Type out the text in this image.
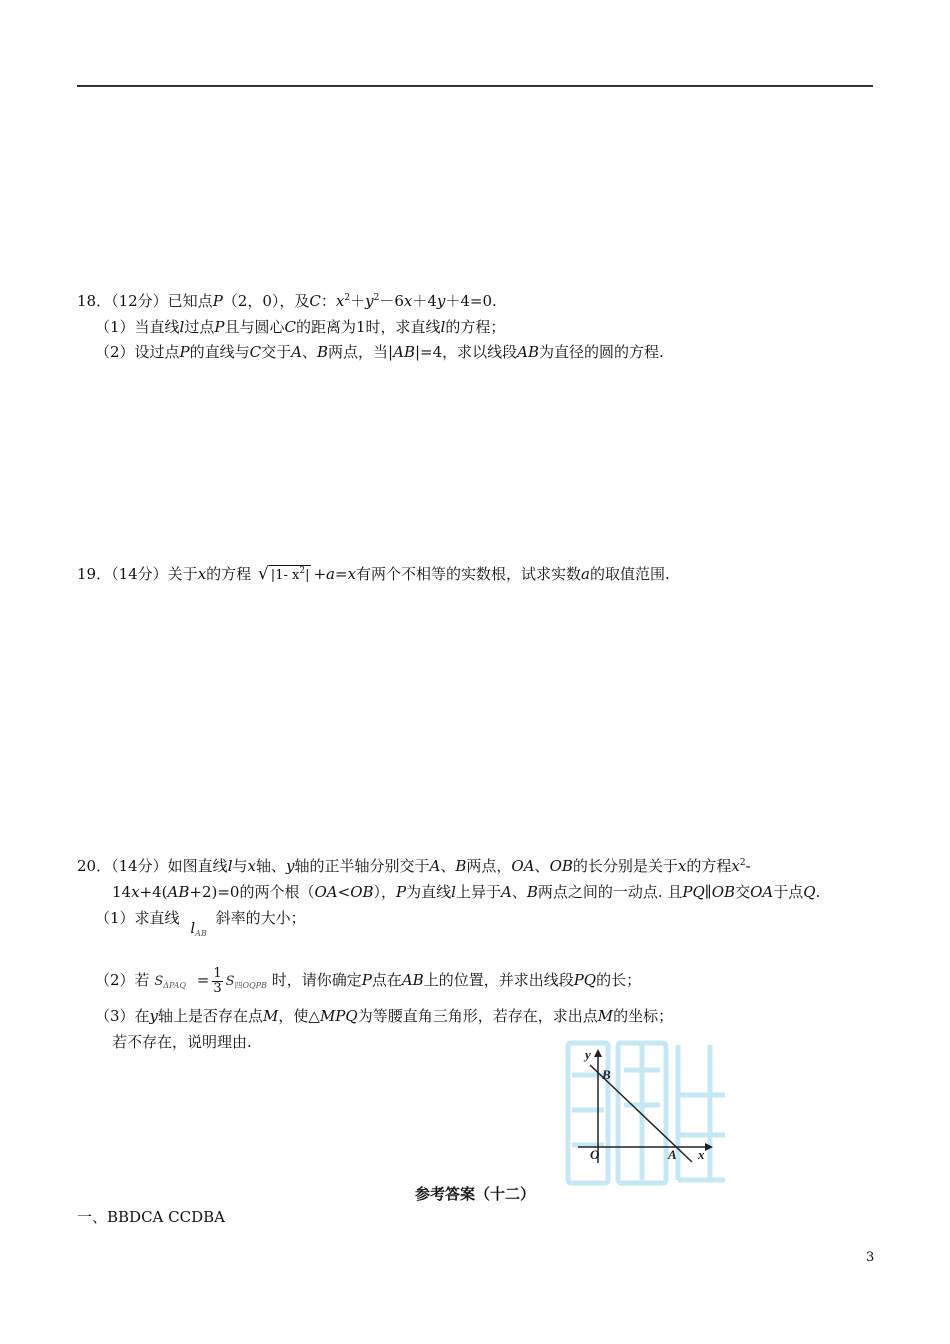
18．（12分）已知点P（2，0），及C：$x^2+y^2-6x+4y+4=0$.
（1）当直线l过点P且与圆心C的距离为1时，求直线l的方程；
（2）设过点P的直线与C交于A、B两点，当|AB|=4，求以线段AB为直径的圆的方程.
19．（14分）关于x的方程 √ |1- $x^2| +a=x$有两个不相等的实数根，试求实数a的取值范围.
20．（14分）如图直线l与x轴、y轴的正半轴分别交于A、B两点，OA、OB的长分别是关于x的方程$x^2-$
14x+4(AB+2)=0的两个根（OA<OB），P为直线l上异于A、B两点之间的一动点. 且PQ∥OB交OA于点Q.
（1）求直线 $l_{AB}$ 斜率的大小；
（2）若 $S_{\Delta PAQ} = \frac{1}{3} S_{四OQPB}$ 时，请你确定P点在AB上的位置，并求出线段PQ的长；
（3）在y轴上是否存在点M，使△MPQ为等腰直角三角形，若存在，求出点M的坐标；
若不存在，说明理由.
y
B
O	A x
参考答案（十二）
一、BBDCA CCDBA
3
